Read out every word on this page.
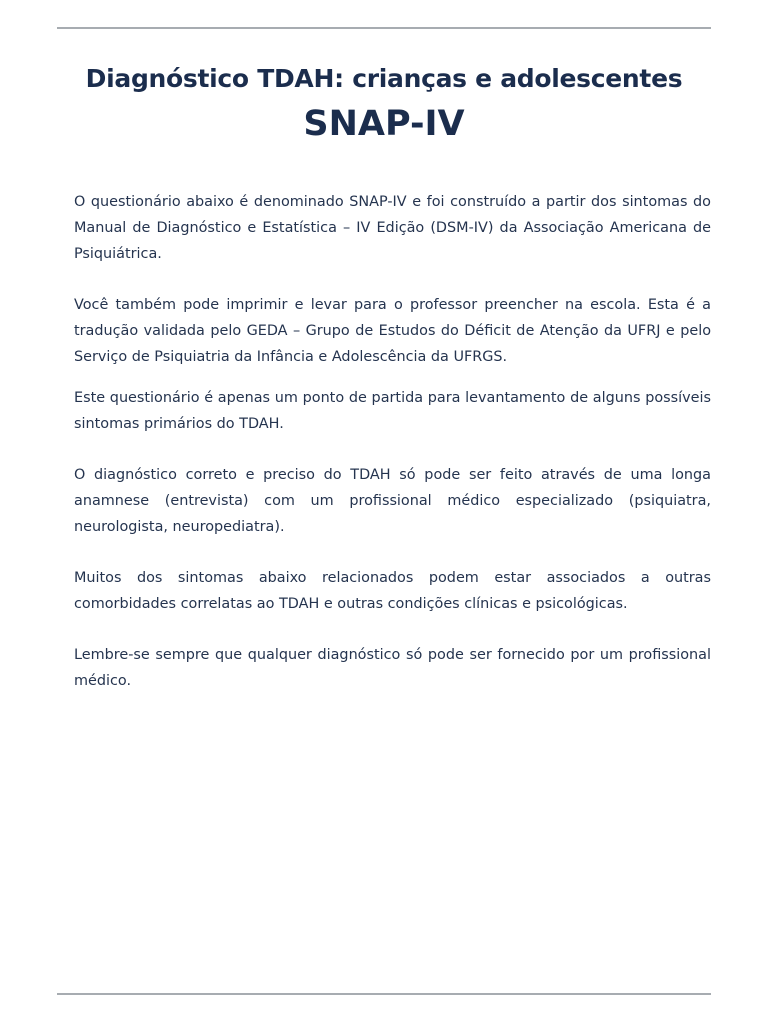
Diagnóstico TDAH: crianças e adolescentes
SNAP-IV

O questionário abaixo é denominado SNAP-IV e foi construído a partir dos sintomas do Manual de Diagnóstico e Estatística – IV Edição (DSM-IV) da Associação Americana de Psiquiátrica.

Você também pode imprimir e levar para o professor preencher na escola. Esta é a tradução validada pelo GEDA – Grupo de Estudos do Déficit de Atenção da UFRJ e pelo Serviço de Psiquiatria da Infância e Adolescência da UFRGS.

Este questionário é apenas um ponto de partida para levantamento de alguns possíveis sintomas primários do TDAH.

O diagnóstico correto e preciso do TDAH só pode ser feito através de uma longa anamnese (entrevista) com um profissional médico especializado (psiquiatra, neurologista, neuropediatra).

Muitos dos sintomas abaixo relacionados podem estar associados a outras comorbidades correlatas ao TDAH e outras condições clínicas e psicológicas.

Lembre-se sempre que qualquer diagnóstico só pode ser fornecido por um profissional médico.
